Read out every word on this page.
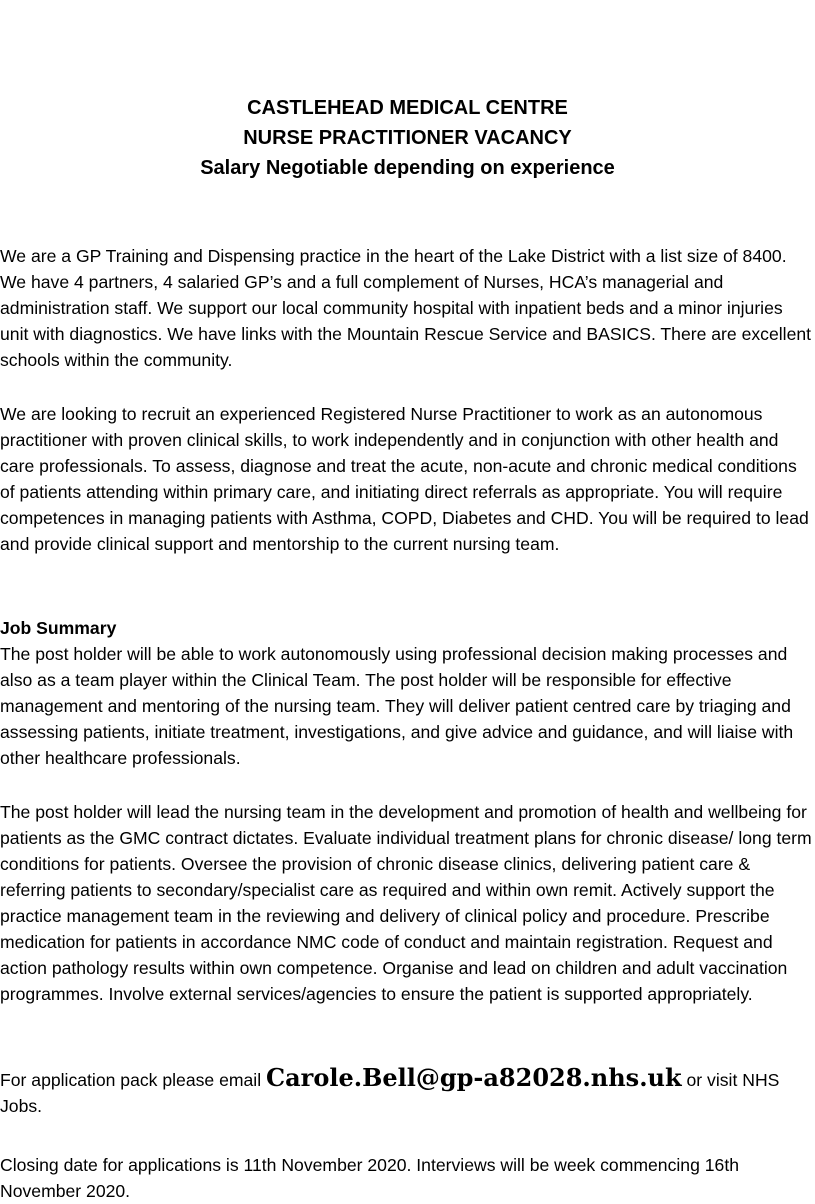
CASTLEHEAD MEDICAL CENTRE
NURSE PRACTITIONER VACANCY
Salary Negotiable depending on experience

We are a GP Training and Dispensing practice in the heart of the Lake District with a list size of 8400. We have 4 partners, 4 salaried GP’s and a full complement of Nurses, HCA’s managerial and administration staff. We support our local community hospital with inpatient beds and a minor injuries unit with diagnostics. We have links with the Mountain Rescue Service and BASICS. There are excellent schools within the community.

We are looking to recruit an experienced Registered Nurse Practitioner to work as an autonomous practitioner with proven clinical skills, to work independently and in conjunction with other health and care professionals. To assess, diagnose and treat the acute, non-acute and chronic medical conditions of patients attending within primary care, and initiating direct referrals as appropriate. You will require competences in managing patients with Asthma, COPD, Diabetes and CHD. You will be required to lead and provide clinical support and mentorship to the current nursing team.

Job Summary

The post holder will be able to work autonomously using professional decision making processes and also as a team player within the Clinical Team. The post holder will be responsible for effective management and mentoring of the nursing team. They will deliver patient centred care by triaging and assessing patients, initiate treatment, investigations, and give advice and guidance, and will liaise with other healthcare professionals.

The post holder will lead the nursing team in the development and promotion of health and wellbeing for patients as the GMC contract dictates. Evaluate individual treatment plans for chronic disease/ long term conditions for patients. Oversee the provision of chronic disease clinics, delivering patient care & referring patients to secondary/specialist care as required and within own remit. Actively support the practice management team in the reviewing and delivery of clinical policy and procedure. Prescribe medication for patients in accordance NMC code of conduct and maintain registration. Request and action pathology results within own competence. Organise and lead on children and adult vaccination programmes. Involve external services/agencies to ensure the patient is supported appropriately.

For application pack please email Carole.Bell@gp-a82028.nhs.uk or visit NHS Jobs.

Closing date for applications is 11th November 2020. Interviews will be week commencing 16th November 2020.
